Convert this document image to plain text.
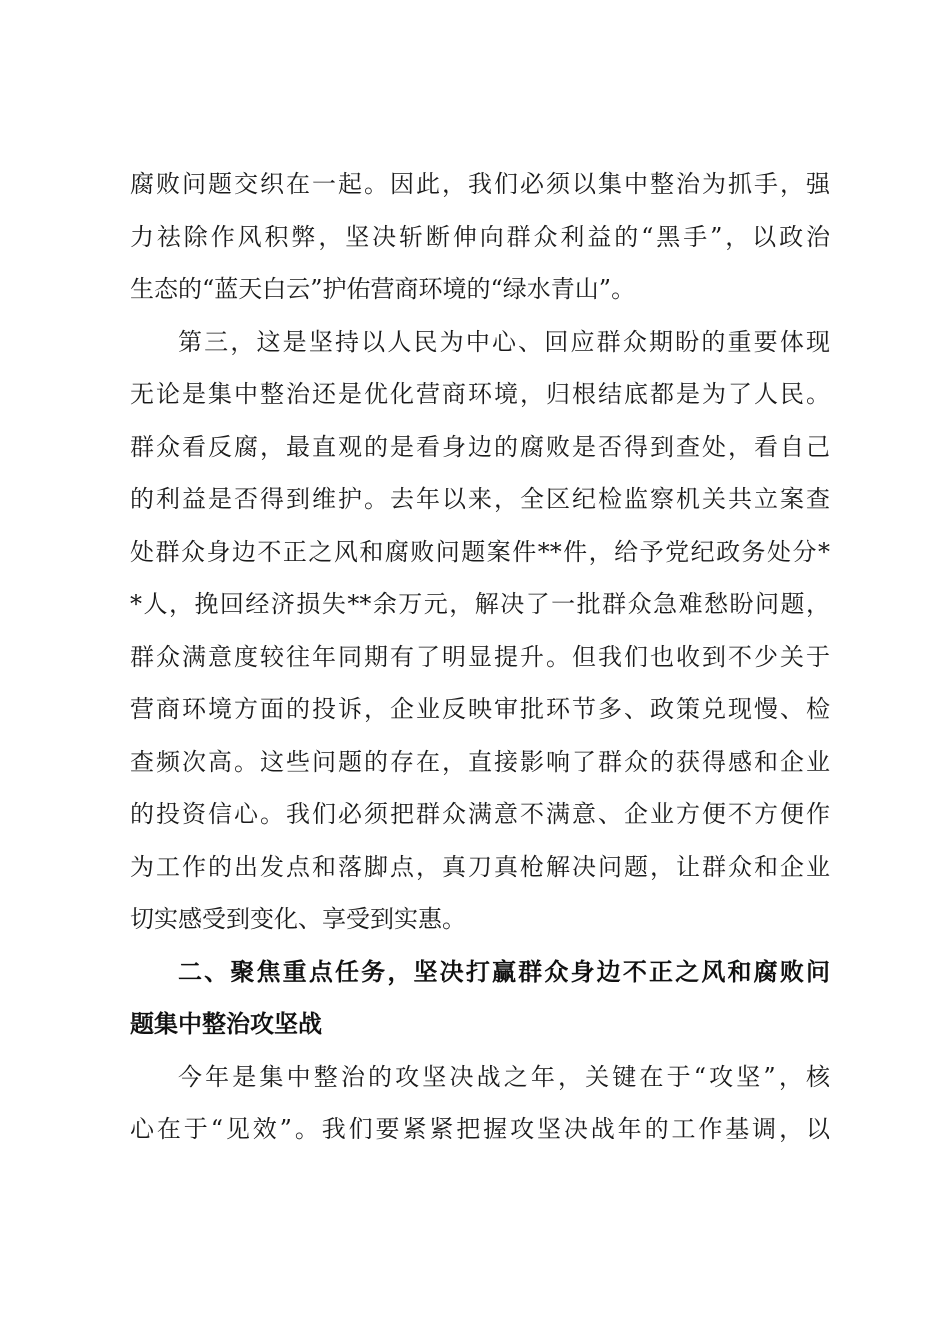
腐败问题交织在一起。因此，我们必须以集中整治为抓手，强
力祛除作风积弊，坚决斩断伸向群众利益的“黑手”，以政治
生态的“蓝天白云”护佑营商环境的“绿水青山”。
第三，这是坚持以人民为中心、回应群众期盼的重要体现
无论是集中整治还是优化营商环境，归根结底都是为了人民。
群众看反腐，最直观的是看身边的腐败是否得到查处，看自己
的利益是否得到维护。去年以来，全区纪检监察机关共立案查
处群众身边不正之风和腐败问题案件**件，给予党纪政务处分*
*人，挽回经济损失**余万元，解决了一批群众急难愁盼问题，
群众满意度较往年同期有了明显提升。但我们也收到不少关于
营商环境方面的投诉，企业反映审批环节多、政策兑现慢、检
查频次高。这些问题的存在，直接影响了群众的获得感和企业
的投资信心。我们必须把群众满意不满意、企业方便不方便作
为工作的出发点和落脚点，真刀真枪解决问题，让群众和企业
切实感受到变化、享受到实惠。
二、聚焦重点任务，坚决打赢群众身边不正之风和腐败问
题集中整治攻坚战
今年是集中整治的攻坚决战之年，关键在于“攻坚”，核
心在于“见效”。我们要紧紧把握攻坚决战年的工作基调，以
